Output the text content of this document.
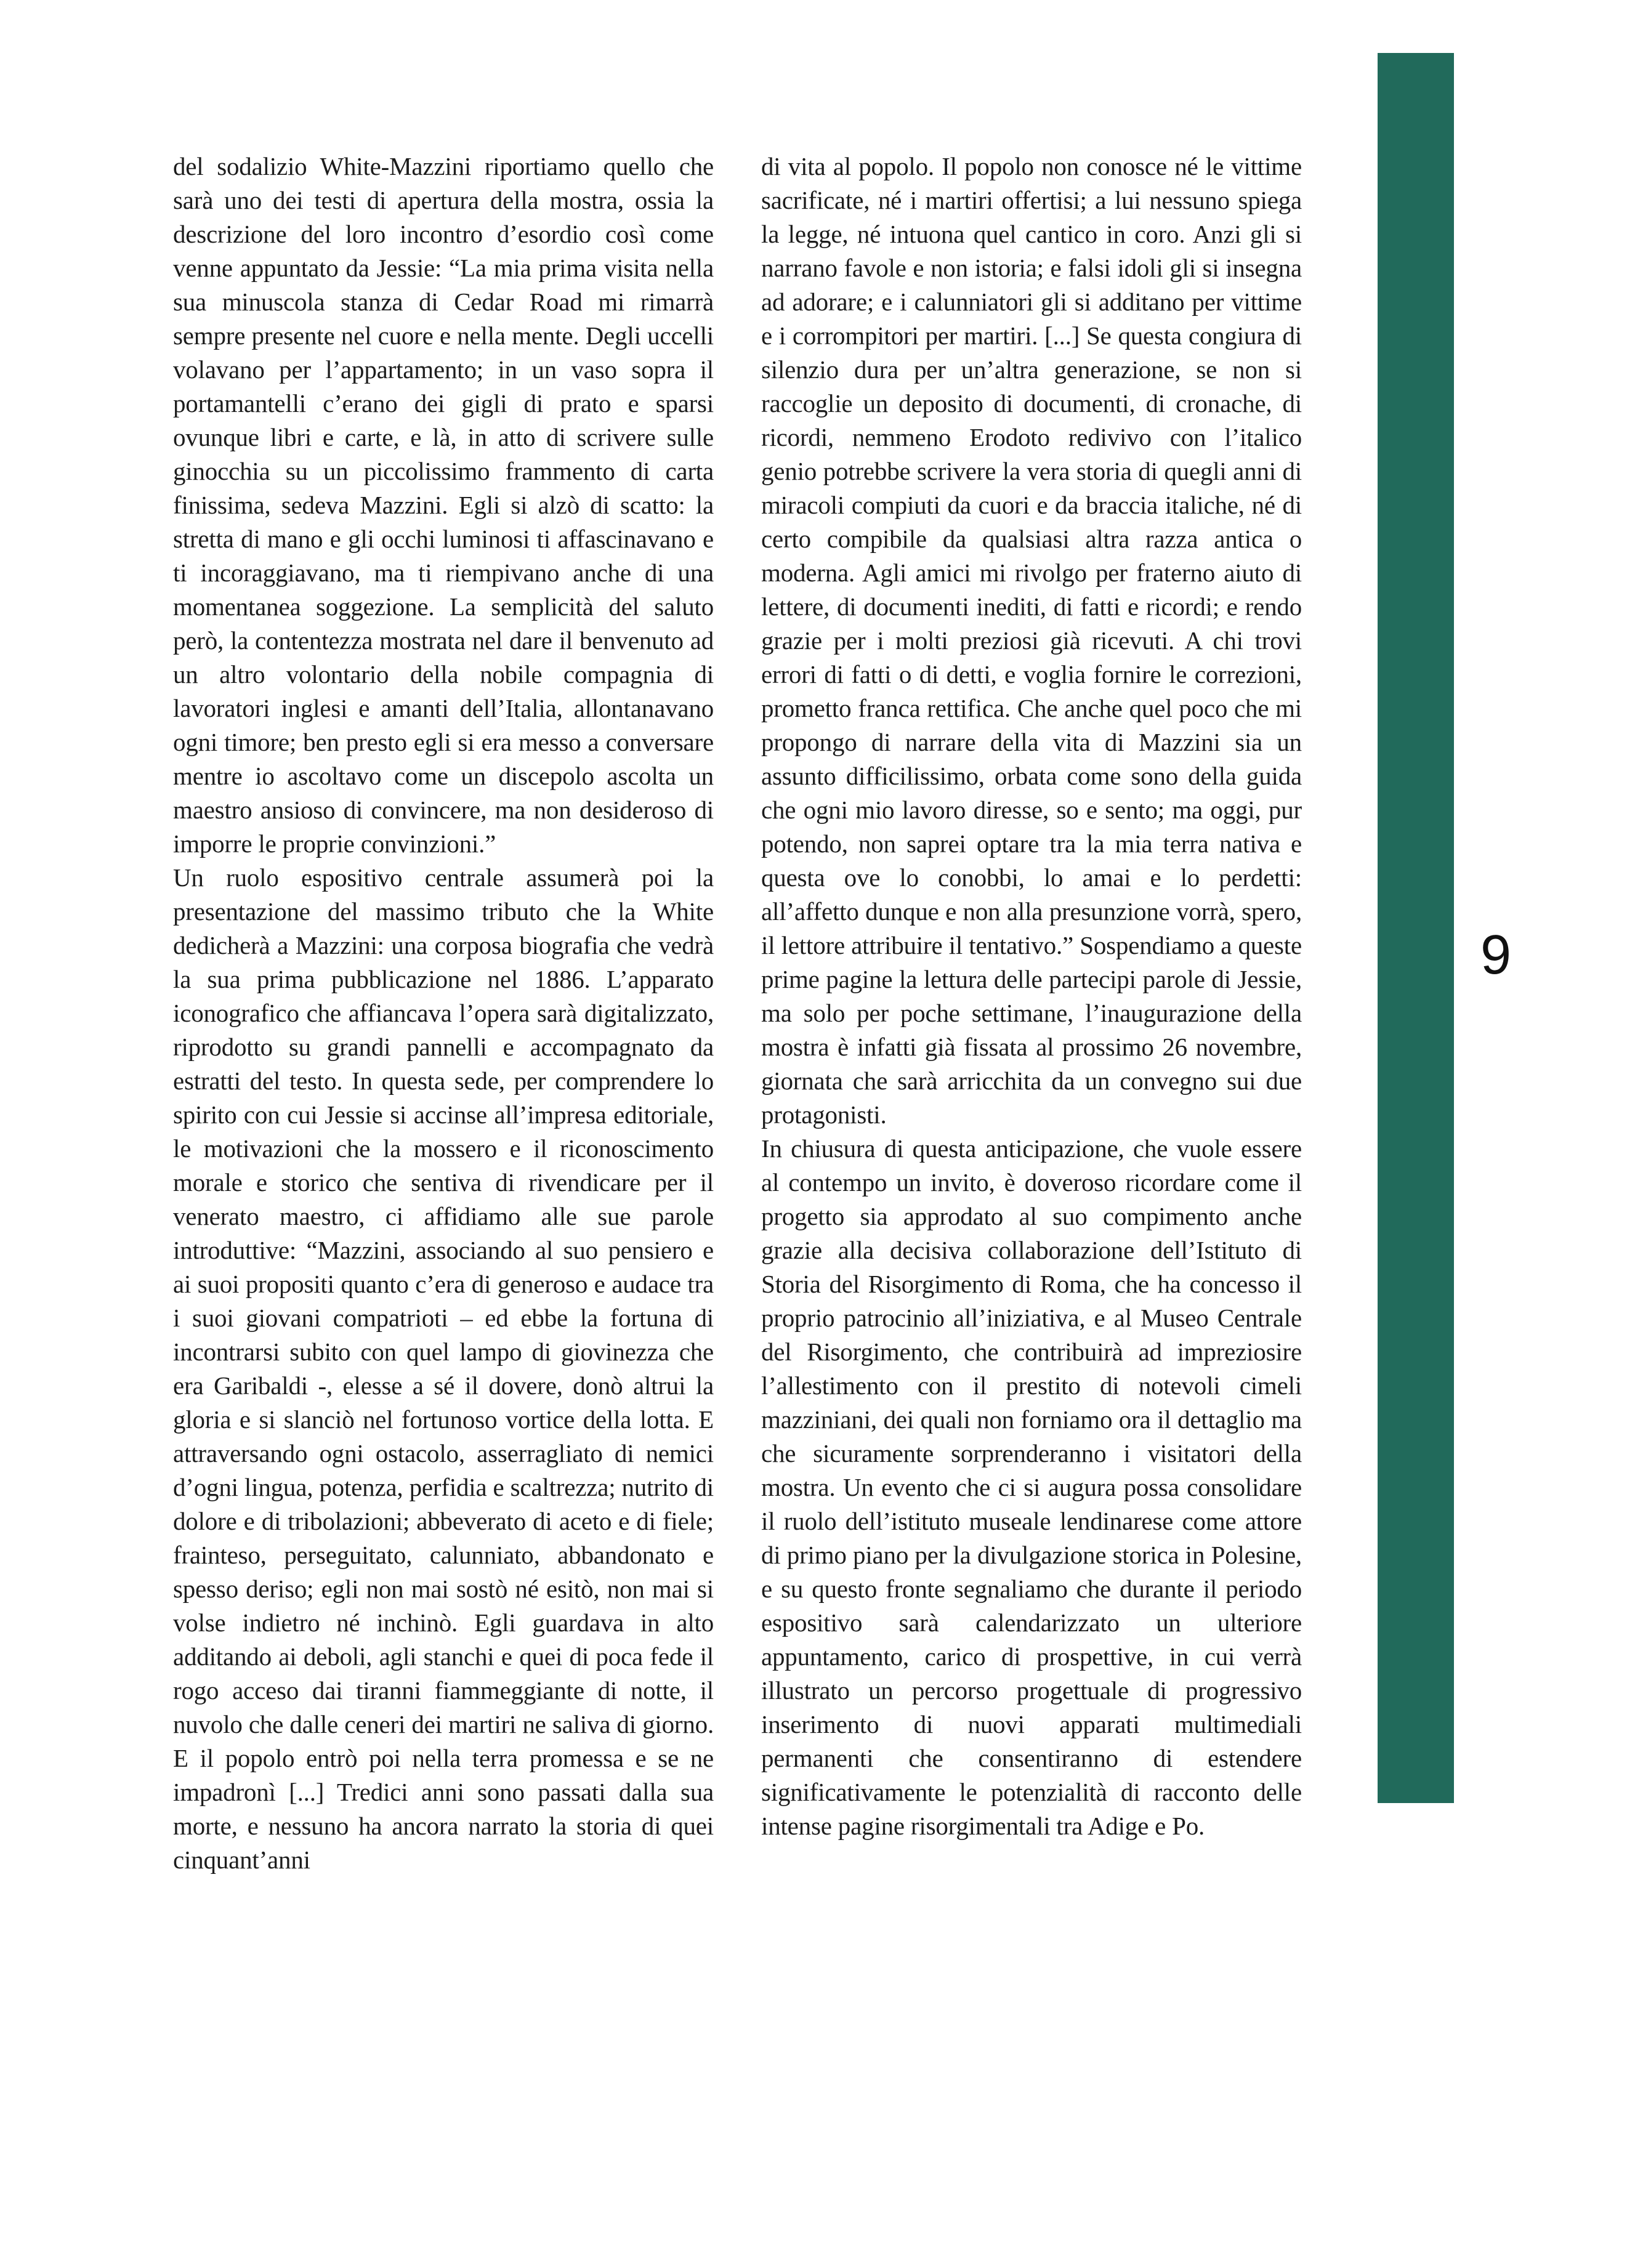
del sodalizio White-Mazzini riportiamo quello che sarà uno dei testi di apertura della mostra, ossia la descrizione del loro incontro d’esordio così come venne appuntato da Jessie: “La mia prima visita nella sua minuscola stanza di Cedar Road mi rimarrà sempre presente nel cuore e nella mente. Degli uccelli volavano per l’appartamento; in un vaso sopra il portamantelli c’erano dei gigli di prato e sparsi ovunque libri e carte, e là, in atto di scrivere sulle ginocchia su un piccolissimo frammento di carta finissima, sedeva Mazzini. Egli si alzò di scatto: la stretta di mano e gli occhi luminosi ti affascinavano e ti incoraggiavano, ma ti riempivano anche di una momentanea soggezione. La semplicità del saluto però, la contentezza mostrata nel dare il benvenuto ad un altro volontario della nobile compagnia di lavoratori inglesi e amanti dell’Italia, allontanavano ogni timore; ben presto egli si era messo a conversare mentre io ascoltavo come un discepolo ascolta un maestro ansioso di convincere, ma non desideroso di imporre le proprie convinzioni.”

Un ruolo espositivo centrale assumerà poi la presentazione del massimo tributo che la White dedicherà a Mazzini: una corposa biografia che vedrà la sua prima pubblicazione nel 1886. L’apparato iconografico che affiancava l’opera sarà digitalizzato, riprodotto su grandi pannelli e accompagnato da estratti del testo. In questa sede, per comprendere lo spirito con cui Jessie si accinse all’impresa editoriale, le motivazioni che la mossero e il riconoscimento morale e storico che sentiva di rivendicare per il venerato maestro, ci affidiamo alle sue parole introduttive: “Mazzini, associando al suo pensiero e ai suoi propositi quanto c’era di generoso e audace tra i suoi giovani compatrioti – ed ebbe la fortuna di incontrarsi subito con quel lampo di giovinezza che era Garibaldi -, elesse a sé il dovere, donò altrui la gloria e si slanciò nel fortunoso vortice della lotta. E attraversando ogni ostacolo, asserragliato di nemici d’ogni lingua, potenza, perfidia e scaltrezza; nutrito di dolore e di tribolazioni; abbeverato di aceto e di fiele; frainteso, perseguitato, calunniato, abbandonato e spesso deriso; egli non mai sostò né esitò, non mai si volse indietro né inchinò. Egli guardava in alto additando ai deboli, agli stanchi e quei di poca fede il rogo acceso dai tiranni fiammeggiante di notte, il nuvolo che dalle ceneri dei martiri ne saliva di giorno. E il popolo entrò poi nella terra promessa e se ne impadronì [...] Tredici anni sono passati dalla sua morte, e nessuno ha ancora narrato la storia di quei cinquant’anni

di vita al popolo. Il popolo non conosce né le vittime sacrificate, né i martiri offertisi; a lui nessuno spiega la legge, né intuona quel cantico in coro. Anzi gli si narrano favole e non istoria; e falsi idoli gli si insegna ad adorare; e i calunniatori gli si additano per vittime e i corrompitori per martiri. [...] Se questa congiura di silenzio dura per un’altra generazione, se non si raccoglie un deposito di documenti, di cronache, di ricordi, nemmeno Erodoto redivivo con l’italico genio potrebbe scrivere la vera storia di quegli anni di miracoli compiuti da cuori e da braccia italiche, né di certo compibile da qualsiasi altra razza antica o moderna. Agli amici mi rivolgo per fraterno aiuto di lettere, di documenti inediti, di fatti e ricordi; e rendo grazie per i molti preziosi già ricevuti. A chi trovi errori di fatti o di detti, e voglia fornire le correzioni, prometto franca rettifica. Che anche quel poco che mi propongo di narrare della vita di Mazzini sia un assunto difficilissimo, orbata come sono della guida che ogni mio lavoro diresse, so e sento; ma oggi, pur potendo, non saprei optare tra la mia terra nativa e questa ove lo conobbi, lo amai e lo perdetti: all’affetto dunque e non alla presunzione vorrà, spero, il lettore attribuire il tentativo.” Sospendiamo a queste prime pagine la lettura delle partecipi parole di Jessie, ma solo per poche settimane, l’inaugurazione della mostra è infatti già fissata al prossimo 26 novembre, giornata che sarà arricchita da un convegno sui due protagonisti.

In chiusura di questa anticipazione, che vuole essere al contempo un invito, è doveroso ricordare come il progetto sia approdato al suo compimento anche grazie alla decisiva collaborazione dell’Istituto di Storia del Risorgimento di Roma, che ha concesso il proprio patrocinio all’iniziativa, e al Museo Centrale del Risorgimento, che contribuirà ad impreziosire l’allestimento con il prestito di notevoli cimeli mazziniani, dei quali non forniamo ora il dettaglio ma che sicuramente sorprenderanno i visitatori della mostra. Un evento che ci si augura possa consolidare il ruolo dell’istituto museale lendinarese come attore di primo piano per la divulgazione storica in Polesine, e su questo fronte segnaliamo che durante il periodo espositivo sarà calendarizzato un ulteriore appuntamento, carico di prospettive, in cui verrà illustrato un percorso progettuale di progressivo inserimento di nuovi apparati multimediali permanenti che consentiranno di estendere significativamente le potenzialità di racconto delle intense pagine risorgimentali tra Adige e Po.

9
